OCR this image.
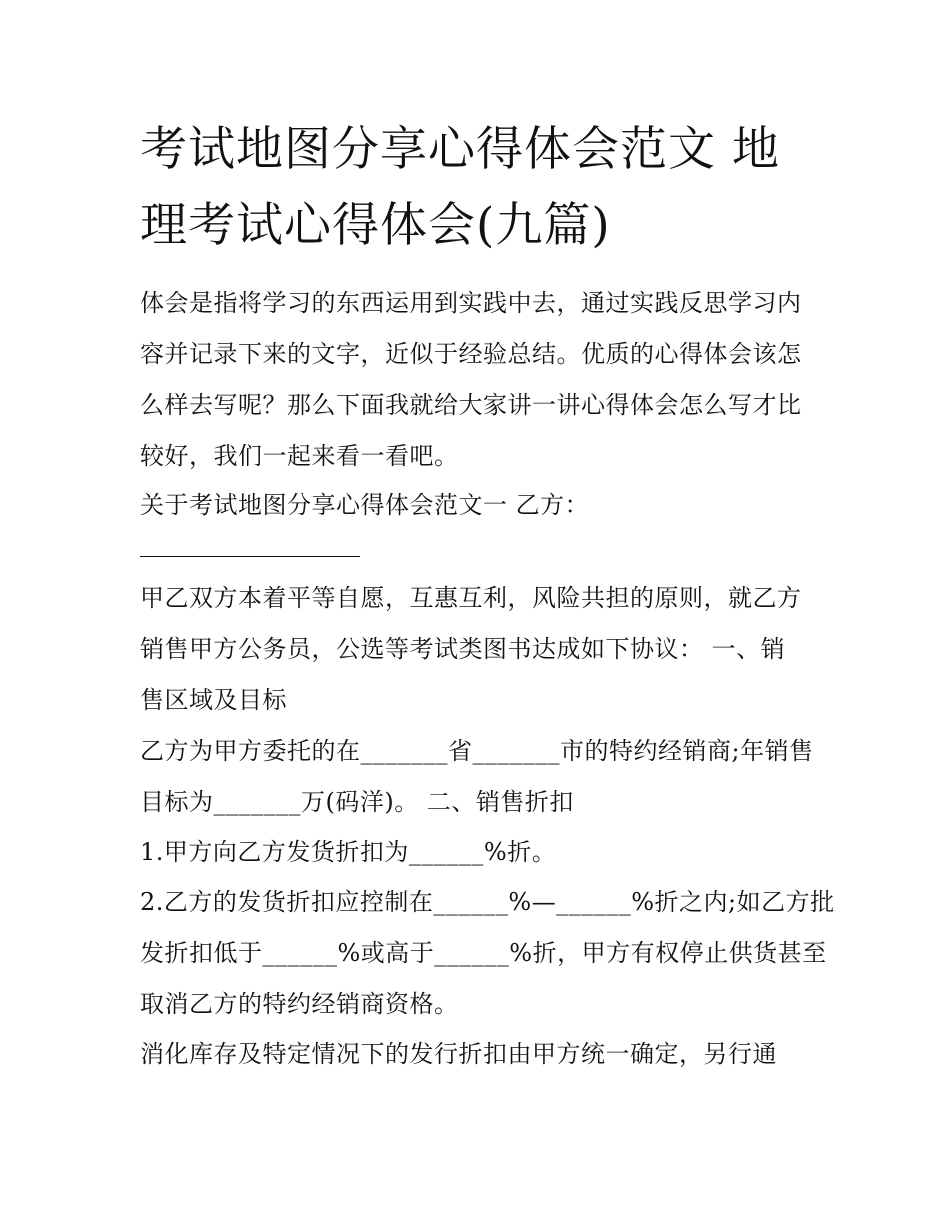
考试地图分享心得体会范文 地
理考试心得体会(九篇)

体会是指将学习的东西运用到实践中去，通过实践反思学习内
容并记录下来的文字，近似于经验总结。优质的心得体会该怎
么样去写呢？那么下面我就给大家讲一讲心得体会怎么写才比
较好，我们一起来看一看吧。

关于考试地图分享心得体会范文一 乙方：

甲乙双方本着平等自愿，互惠互利，风险共担的原则，就乙方
销售甲方公务员，公选等考试类图书达成如下协议： 一、销
售区域及目标

乙方为甲方委托的在_______省_______市的特约经销商;年销售
目标为_______万(码洋)。 二、销售折扣

1.甲方向乙方发货折扣为______%折。

2.乙方的发货折扣应控制在______%—______%折之内;如乙方批
发折扣低于______%或高于______%折，甲方有权停止供货甚至
取消乙方的特约经销商资格。

消化库存及特定情况下的发行折扣由甲方统一确定，另行通
